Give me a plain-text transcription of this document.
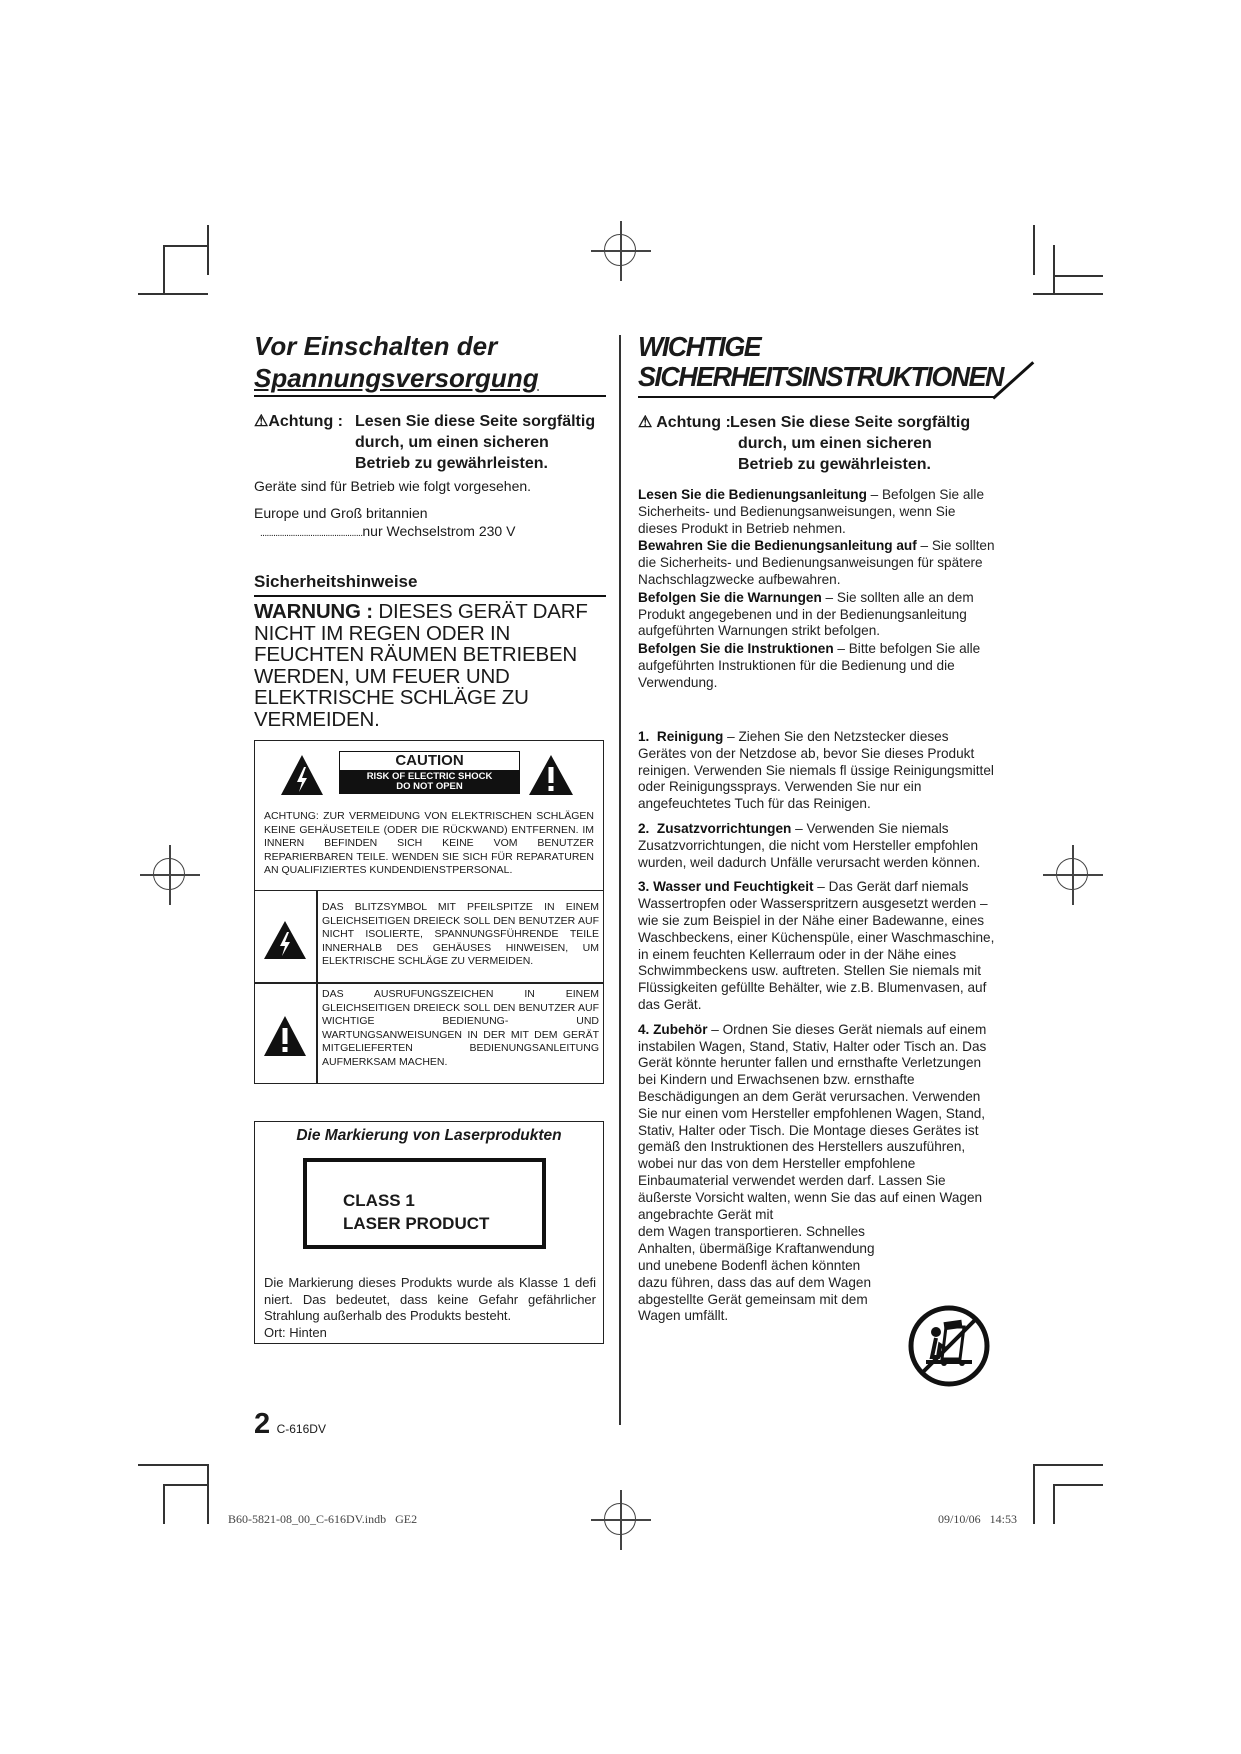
Vor Einschalten der
Spannungsversorgung
⚠Achtung : Lesen Sie diese Seite sorgfältig
durch, um einen sicheren
Betrieb zu gewährleisten.
Geräte sind für Betrieb wie folgt vorgesehen.
Europe und Groß britannien
...............................................nur Wechselstrom 230 V
Sicherheitshinweise
WARNUNG : DIESES GERÄT DARF NICHT IM REGEN ODER IN FEUCHTEN RÄUMEN BETRIEBEN WERDEN, UM FEUER UND ELEKTRISCHE SCHLÄGE ZU VERMEIDEN.
CAUTION
RISK OF ELECTRIC SHOCK
DO NOT OPEN
ACHTUNG: ZUR VERMEIDUNG VON ELEKTRISCHEN SCHLÄGEN KEINE GEHÄUSETEILE (ODER DIE RÜCKWAND) ENTFERNEN. IM INNERN BEFINDEN SICH KEINE VOM BENUTZER REPARIERBAREN TEILE. WENDEN SIE SICH FÜR REPARATUREN AN QUALIFIZIERTES KUNDENDIENSTPERSONAL.
DAS BLITZSYMBOL MIT PFEILSPITZE IN EINEM GLEICHSEITIGEN DREIECK SOLL DEN BENUTZER AUF NICHT ISOLIERTE, SPANNUNGSFÜHRENDE TEILE INNERHALB DES GEHÄUSES HINWEISEN, UM ELEKTRISCHE SCHLÄGE ZU VERMEIDEN.
DAS AUSRUFUNGSZEICHEN IN EINEM GLEICHSEITIGEN DREIECK SOLL DEN BENUTZER AUF WICHTIGE BEDIENUNG- UND WARTUNGSANWEISUNGEN IN DER MIT DEM GERÄT MITGELIEFERTEN BEDIENUNGSANLEITUNG AUFMERKSAM MACHEN.
Die Markierung von Laserprodukten
CLASS 1
LASER PRODUCT
Die Markierung dieses Produkts wurde als Klasse 1 defi niert. Das bedeutet, dass keine Gefahr gefährlicher Strahlung außerhalb des Produkts besteht.
Ort: Hinten
WICHTIGE
SICHERHEITSINSTRUKTIONEN
⚠ Achtung : Lesen Sie diese Seite sorgfältig
durch, um einen sicheren
Betrieb zu gewährleisten.
Lesen Sie die Bedienungsanleitung – Befolgen Sie alle Sicherheits- und Bedienungsanweisungen, wenn Sie dieses Produkt in Betrieb nehmen.
Bewahren Sie die Bedienungsanleitung auf – Sie sollten die Sicherheits- und Bedienungsanweisungen für spätere Nachschlagzwecke aufbewahren.
Befolgen Sie die Warnungen – Sie sollten alle an dem Produkt angegebenen und in der Bedienungsanleitung aufgeführten Warnungen strikt befolgen.
Befolgen Sie die Instruktionen – Bitte befolgen Sie alle aufgeführten Instruktionen für die Bedienung und die Verwendung.
1. Reinigung – Ziehen Sie den Netzstecker dieses Gerätes von der Netzdose ab, bevor Sie dieses Produkt reinigen. Verwenden Sie niemals fl üssige Reinigungsmittel oder Reinigungssprays. Verwenden Sie nur ein angefeuchtetes Tuch für das Reinigen.
2. Zusatzvorrichtungen – Verwenden Sie niemals Zusatzvorrichtungen, die nicht vom Hersteller empfohlen wurden, weil dadurch Unfälle verursacht werden können.
3. Wasser und Feuchtigkeit – Das Gerät darf niemals Wassertropfen oder Wasserspritzern ausgesetzt werden – wie sie zum Beispiel in der Nähe einer Badewanne, eines Waschbeckens, einer Küchenspüle, einer Waschmaschine, in einem feuchten Kellerraum oder in der Nähe eines Schwimmbeckens usw. auftreten. Stellen Sie niemals mit Flüssigkeiten gefüllte Behälter, wie z.B. Blumenvasen, auf das Gerät.
4. Zubehör – Ordnen Sie dieses Gerät niemals auf einem instabilen Wagen, Stand, Stativ, Halter oder Tisch an. Das Gerät könnte herunter fallen und ernsthafte Verletzungen bei Kindern und Erwachsenen bzw. ernsthafte Beschädigungen an dem Gerät verursachen. Verwenden Sie nur einen vom Hersteller empfohlenen Wagen, Stand, Stativ, Halter oder Tisch. Die Montage dieses Gerätes ist gemäß den Instruktionen des Herstellers auszuführen, wobei nur das von dem Hersteller empfohlene Einbaumaterial verwendet werden darf. Lassen Sie äußerste Vorsicht walten, wenn Sie das auf einen Wagen angebrachte Gerät mit
dem Wagen transportieren. Schnelles Anhalten, übermäßige Kraftanwendung und unebene Bodenfl ächen könnten dazu führen, dass das auf dem Wagen abgestellte Gerät gemeinsam mit dem Wagen umfällt.
2 C-616DV
B60-5821-08_00_C-616DV.indb   GE2	09/10/06   14:53
